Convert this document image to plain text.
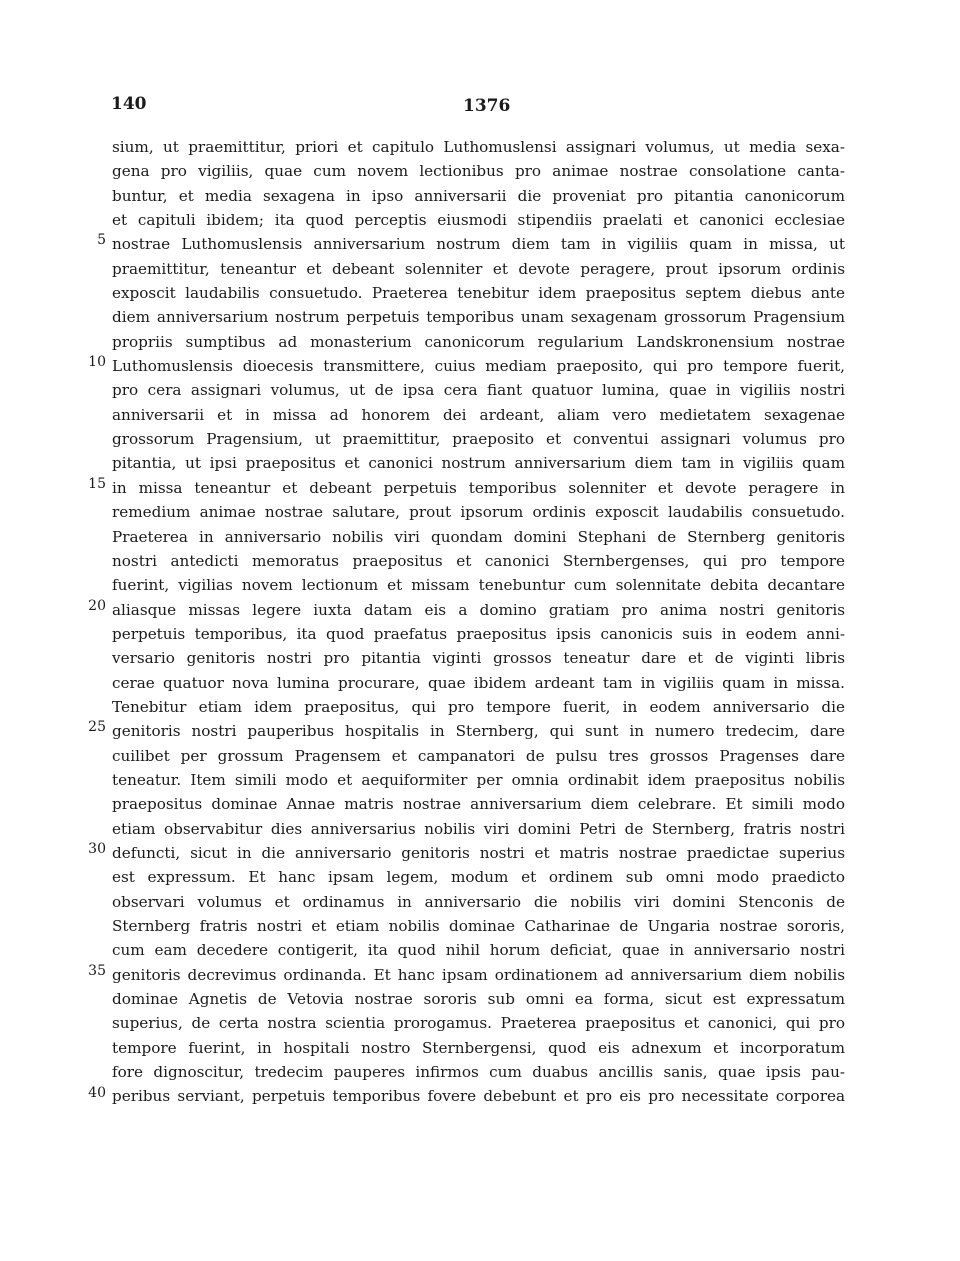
140	1376
sium, ut praemittitur, priori et capitulo Luthomuslensi assignari volumus, ut media sexa-
gena pro vigiliis, quae cum novem lectionibus pro animae nostrae consolatione canta-
buntur, et media sexagena in ipso anniversarii die proveniat pro pitantia canonicorum
et capituli ibidem; ita quod perceptis eiusmodi stipendiis praelati et canonici ecclesiae
nostrae Luthomuslensis anniversarium nostrum diem tam in vigiliis quam in missa, ut
5
praemittitur, teneantur et debeant solenniter et devote peragere, prout ipsorum ordinis
exposcit laudabilis consuetudo. Praeterea tenebitur idem praepositus septem diebus ante
diem anniversarium nostrum perpetuis temporibus unam sexagenam grossorum Pragensium
propriis sumptibus ad monasterium canonicorum regularium Landskronensium nostrae
Luthomuslensis dioecesis transmittere, cuius mediam praeposito, qui pro tempore fuerit,
10
pro cera assignari volumus, ut de ipsa cera fiant quatuor lumina, quae in vigiliis nostri
anniversarii et in missa ad honorem dei ardeant, aliam vero medietatem sexagenae
grossorum Pragensium, ut praemittitur, praeposito et conventui assignari volumus pro
pitantia, ut ipsi praepositus et canonici nostrum anniversarium diem tam in vigiliis quam
in missa teneantur et debeant perpetuis temporibus solenniter et devote peragere in
15
remedium animae nostrae salutare, prout ipsorum ordinis exposcit laudabilis consuetudo.
Praeterea in anniversario nobilis viri quondam domini Stephani de Sternberg genitoris
nostri antedicti memoratus praepositus et canonici Sternbergenses, qui pro tempore
fuerint, vigilias novem lectionum et missam tenebuntur cum solennitate debita decantare
aliasque missas legere iuxta datam eis a domino gratiam pro anima nostri genitoris
20
perpetuis temporibus, ita quod praefatus praepositus ipsis canonicis suis in eodem anni-
versario genitoris nostri pro pitantia viginti grossos teneatur dare et de viginti libris
cerae quatuor nova lumina procurare, quae ibidem ardeant tam in vigiliis quam in missa.
Tenebitur etiam idem praepositus, qui pro tempore fuerit, in eodem anniversario die
genitoris nostri pauperibus hospitalis in Sternberg, qui sunt in numero tredecim, dare
25
cuilibet per grossum Pragensem et campanatori de pulsu tres grossos Pragenses dare
teneatur. Item simili modo et aequiformiter per omnia ordinabit idem praepositus nobilis
praepositus dominae Annae matris nostrae anniversarium diem celebrare. Et simili modo
etiam observabitur dies anniversarius nobilis viri domini Petri de Sternberg, fratris nostri
defuncti, sicut in die anniversario genitoris nostri et matris nostrae praedictae superius
30
est expressum. Et hanc ipsam legem, modum et ordinem sub omni modo praedicto
observari volumus et ordinamus in anniversario die nobilis viri domini Stenconis de
Sternberg fratris nostri et etiam nobilis dominae Catharinae de Ungaria nostrae sororis,
cum eam decedere contigerit, ita quod nihil horum deficiat, quae in anniversario nostri
genitoris decrevimus ordinanda. Et hanc ipsam ordinationem ad anniversarium diem nobilis
35
dominae Agnetis de Vetovia nostrae sororis sub omni ea forma, sicut est expressatum
superius, de certa nostra scientia prorogamus. Praeterea praepositus et canonici, qui pro
tempore fuerint, in hospitali nostro Sternbergensi, quod eis adnexum et incorporatum
fore dignoscitur, tredecim pauperes infirmos cum duabus ancillis sanis, quae ipsis pau-
peribus serviant, perpetuis temporibus fovere debebunt et pro eis pro necessitate corporea
40
